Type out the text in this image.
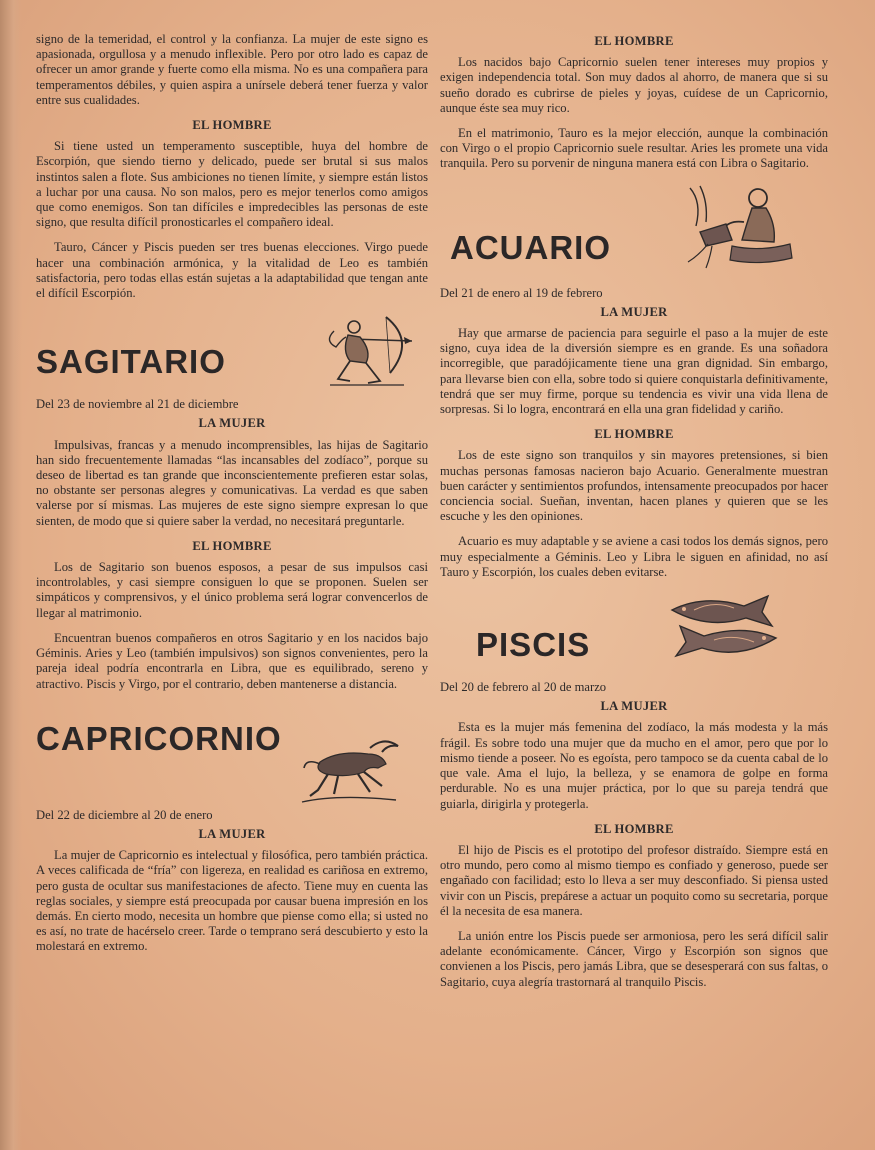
signo de la temeridad, el control y la confianza. La mujer de este signo es apasionada, orgullosa y a menudo inflexible. Pero por otro lado es capaz de ofrecer un amor grande y fuerte como ella misma. No es una compañera para temperamentos débiles, y quien aspira a unírsele deberá tener fuerza y valor entre sus cualidades.

EL HOMBRE

Si tiene usted un temperamento susceptible, huya del hombre de Escorpión, que siendo tierno y delicado, puede ser brutal si sus malos instintos salen a flote. Sus ambiciones no tienen límite, y siempre están listos a luchar por una causa. No son malos, pero es mejor tenerlos como amigos que como enemigos. Son tan difíciles e impredecibles las personas de este signo, que resulta difícil pronosticarles el compañero ideal.

Tauro, Cáncer y Piscis pueden ser tres buenas elecciones. Virgo puede hacer una combinación armónica, y la vitalidad de Leo es también satisfactoria, pero todas ellas están sujetas a la adaptabilidad que tengan ante el difícil Escorpión.

SAGITARIO

Del 23 de noviembre al 21 de diciembre

LA MUJER

Impulsivas, francas y a menudo incomprensibles, las hijas de Sagitario han sido frecuentemente llamadas “las incansables del zodíaco”, porque su deseo de libertad es tan grande que inconscientemente prefieren estar solas, no obstante ser personas alegres y comunicativas. La verdad es que saben valerse por sí mismas. Las mujeres de este signo siempre expresan lo que sienten, de modo que si quiere saber la verdad, no necesitará preguntarle.

EL HOMBRE

Los de Sagitario son buenos esposos, a pesar de sus impulsos casi incontrolables, y casi siempre consiguen lo que se proponen. Suelen ser simpáticos y comprensivos, y el único problema será lograr convencerlos de llegar al matrimonio.

Encuentran buenos compañeros en otros Sagitario y en los nacidos bajo Géminis. Aries y Leo (también impulsivos) son signos convenientes, pero la pareja ideal podría encontrarla en Libra, que es equilibrado, sereno y atractivo. Piscis y Virgo, por el contrario, deben mantenerse a distancia.

CAPRICORNIO

Del 22 de diciembre al 20 de enero

LA MUJER

La mujer de Capricornio es intelectual y filosófica, pero también práctica. A veces calificada de “fría” con ligereza, en realidad es cariñosa en extremo, pero gusta de ocultar sus manifestaciones de afecto. Tiene muy en cuenta las reglas sociales, y siempre está preocupada por causar buena impresión en los demás. En cierto modo, necesita un hombre que piense como ella; si usted no es así, no trate de hacérselo creer. Tarde o temprano será descubierto y esto la molestará en extremo.

EL HOMBRE

Los nacidos bajo Capricornio suelen tener intereses muy propios y exigen independencia total. Son muy dados al ahorro, de manera que si su sueño dorado es cubrirse de pieles y joyas, cuídese de un Capricornio, aunque éste sea muy rico.

En el matrimonio, Tauro es la mejor elección, aunque la combinación con Virgo o el propio Capricornio suele resultar. Aries les promete una vida tranquila. Pero su porvenir de ninguna manera está con Libra o Sagitario.

ACUARIO

Del 21 de enero al 19 de febrero

LA MUJER

Hay que armarse de paciencia para seguirle el paso a la mujer de este signo, cuya idea de la diversión siempre es en grande. Es una soñadora incorregible, que paradójicamente tiene una gran dignidad. Sin embargo, para llevarse bien con ella, sobre todo si quiere conquistarla definitivamente, tendrá que ser muy firme, porque su tendencia es vivir una vida llena de sorpresas. Si lo logra, encontrará en ella una gran fidelidad y cariño.

EL HOMBRE

Los de este signo son tranquilos y sin mayores pretensiones, si bien muchas personas famosas nacieron bajo Acuario. Generalmente muestran buen carácter y sentimientos profundos, intensamente preocupados por hacer conciencia social. Sueñan, inventan, hacen planes y quieren que se les escuche y les den opiniones.

Acuario es muy adaptable y se aviene a casi todos los demás signos, pero muy especialmente a Géminis. Leo y Libra le siguen en afinidad, no así Tauro y Escorpión, los cuales deben evitarse.

PISCIS

Del 20 de febrero al 20 de marzo

LA MUJER

Esta es la mujer más femenina del zodíaco, la más modesta y la más frágil. Es sobre todo una mujer que da mucho en el amor, pero que por lo mismo tiende a poseer. No es egoísta, pero tampoco se da cuenta cabal de lo que vale. Ama el lujo, la belleza, y se enamora de golpe en forma perdurable. No es una mujer práctica, por lo que su pareja tendrá que guiarla, dirigirla y protegerla.

EL HOMBRE

El hijo de Piscis es el prototipo del profesor distraído. Siempre está en otro mundo, pero como al mismo tiempo es confiado y generoso, puede ser engañado con facilidad; esto lo lleva a ser muy desconfiado. Si piensa usted vivir con un Piscis, prepárese a actuar un poquito como su secretaria, porque él la necesita de esa manera.

La unión entre los Piscis puede ser armoniosa, pero les será difícil salir adelante económicamente. Cáncer, Virgo y Escorpión son signos que convienen a los Piscis, pero jamás Libra, que se desesperará con sus faltas, o Sagitario, cuya alegría trastornará al tranquilo Piscis.
